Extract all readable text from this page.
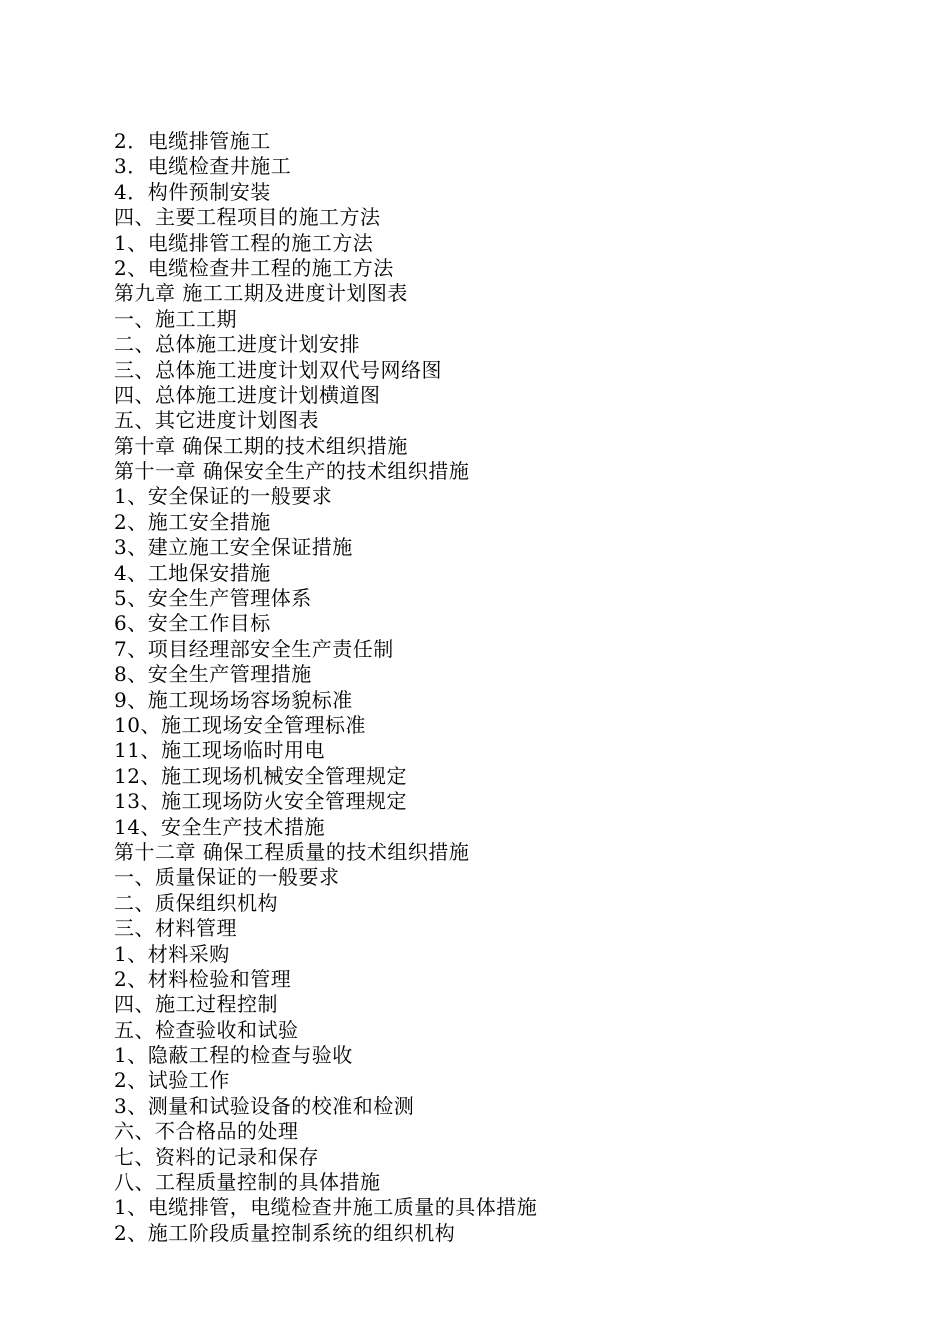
2．电缆排管施工
3．电缆检查井施工
4．构件预制安装
四、主要工程项目的施工方法
1、电缆排管工程的施工方法
2、电缆检查井工程的施工方法
第九章 施工工期及进度计划图表
一、施工工期
二、总体施工进度计划安排
三、总体施工进度计划双代号网络图
四、总体施工进度计划横道图
五、其它进度计划图表
第十章 确保工期的技术组织措施
第十一章 确保安全生产的技术组织措施
1、安全保证的一般要求
2、施工安全措施
3、建立施工安全保证措施
4、工地保安措施
5、安全生产管理体系
6、安全工作目标
7、项目经理部安全生产责任制
8、安全生产管理措施
9、施工现场场容场貌标准
10、施工现场安全管理标准
11、施工现场临时用电
12、施工现场机械安全管理规定
13、施工现场防火安全管理规定
14、安全生产技术措施
第十二章 确保工程质量的技术组织措施
一、质量保证的一般要求
二、质保组织机构
三、材料管理
1、材料采购
2、材料检验和管理
四、施工过程控制
五、检查验收和试验
1、隐蔽工程的检查与验收
2、试验工作
3、测量和试验设备的校准和检测
六、不合格品的处理
七、资料的记录和保存
八、工程质量控制的具体措施
1、电缆排管，电缆检查井施工质量的具体措施
2、施工阶段质量控制系统的组织机构
